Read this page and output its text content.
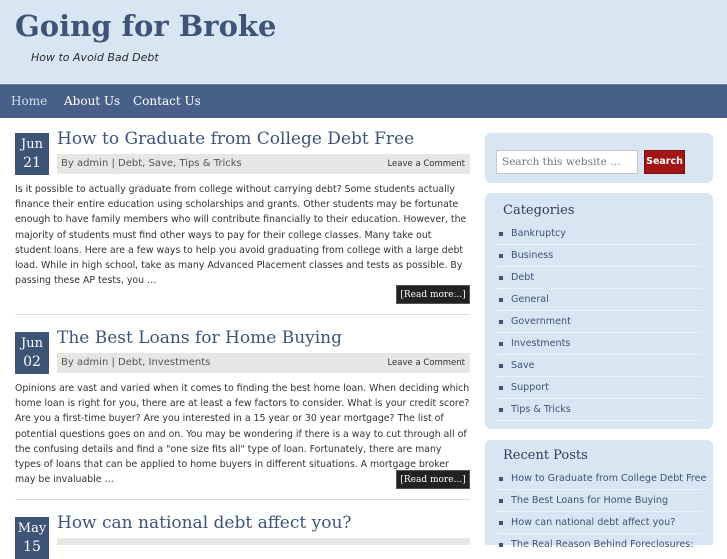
Going for Broke
How to Avoid Bad Debt
Home About Us Contact Us
Jun
21
How to Graduate from College Debt Free
By admin | Debt, Save, Tips & Tricks	Leave a Comment
Is it possible to actually graduate from college without carrying debt? Some students actually finance their entire education using scholarships and grants. Other students may be fortunate enough to have family members who will contribute financially to their education. However, the majority of students must find other ways to pay for their college classes. Many take out student loans. Here are a few ways to help you avoid graduating from college with a large debt load. While in high school, take as many Advanced Placement classes and tests as possible. By passing these AP tests, you …
[Read more...]
Jun
02
The Best Loans for Home Buying
By admin | Debt, Investments	Leave a Comment
Opinions are vast and varied when it comes to finding the best home loan. When deciding which home loan is right for you, there are at least a few factors to consider. What is your credit score? Are you a first-time buyer? Are you interested in a 15 year or 30 year mortgage? The list of potential questions goes on and on. You may be wondering if there is a way to cut through all of the confusing details and find a "one size fits all" type of loan. Fortunately, there are many types of loans that can be applied to home buyers in different situations. A mortgage broker may be invaluable …	[Read more...]
May
15
How can national debt affect you?
Search this website …
Search
Categories
Bankruptcy
Business
Debt
General
Government
Investments
Save
Support
Tips & Tricks
Recent Posts
How to Graduate from College Debt Free
The Best Loans for Home Buying
How can national debt affect you?
The Real Reason Behind Foreclosures:
